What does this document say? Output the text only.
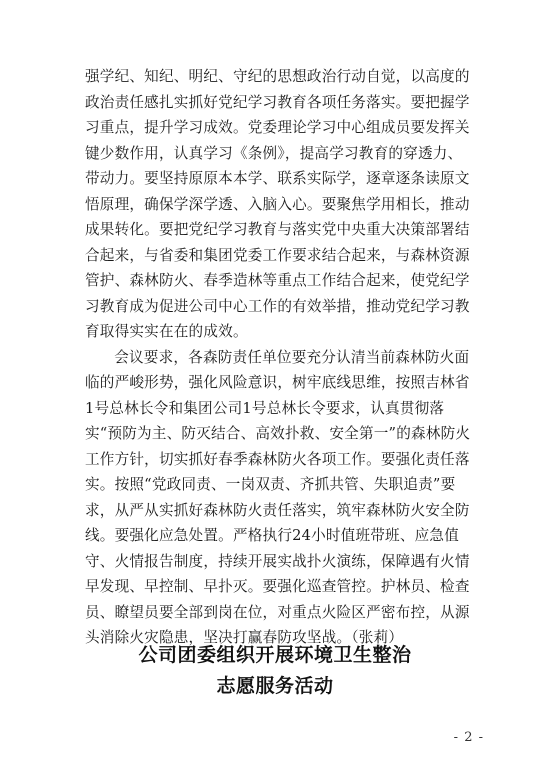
强学纪、知纪、明纪、守纪的思想政治行动自觉，以高度的政治责任感扎实抓好党纪学习教育各项任务落实。要把握学习重点，提升学习成效。党委理论学习中心组成员要发挥关键少数作用，认真学习《条例》，提高学习教育的穿透力、带动力。要坚持原原本本学、联系实际学，逐章逐条读原文悟原理，确保学深学透、入脑入心。要聚焦学用相长，推动成果转化。要把党纪学习教育与落实党中央重大决策部署结合起来，与省委和集团党委工作要求结合起来，与森林资源管护、森林防火、春季造林等重点工作结合起来，使党纪学习教育成为促进公司中心工作的有效举措，推动党纪学习教育取得实实在在的成效。

会议要求，各森防责任单位要充分认清当前森林防火面临的严峻形势，强化风险意识，树牢底线思维，按照吉林省1号总林长令和集团公司1号总林长令要求，认真贯彻落实“预防为主、防灭结合、高效扑救、安全第一”的森林防火工作方针，切实抓好春季森林防火各项工作。要强化责任落实。按照“党政同责、一岗双责、齐抓共管、失职追责”要求，从严从实抓好森林防火责任落实，筑牢森林防火安全防线。要强化应急处置。严格执行24小时值班带班、应急值守、火情报告制度，持续开展实战扑火演练，保障遇有火情早发现、早控制、早扑灭。要强化巡查管控。护林员、检查员、瞭望员要全部到岗在位，对重点火险区严密布控，从源头消除火灾隐患，坚决打赢春防攻坚战。（张莉）

公司团委组织开展环境卫生整治
志愿服务活动
- 2 -
